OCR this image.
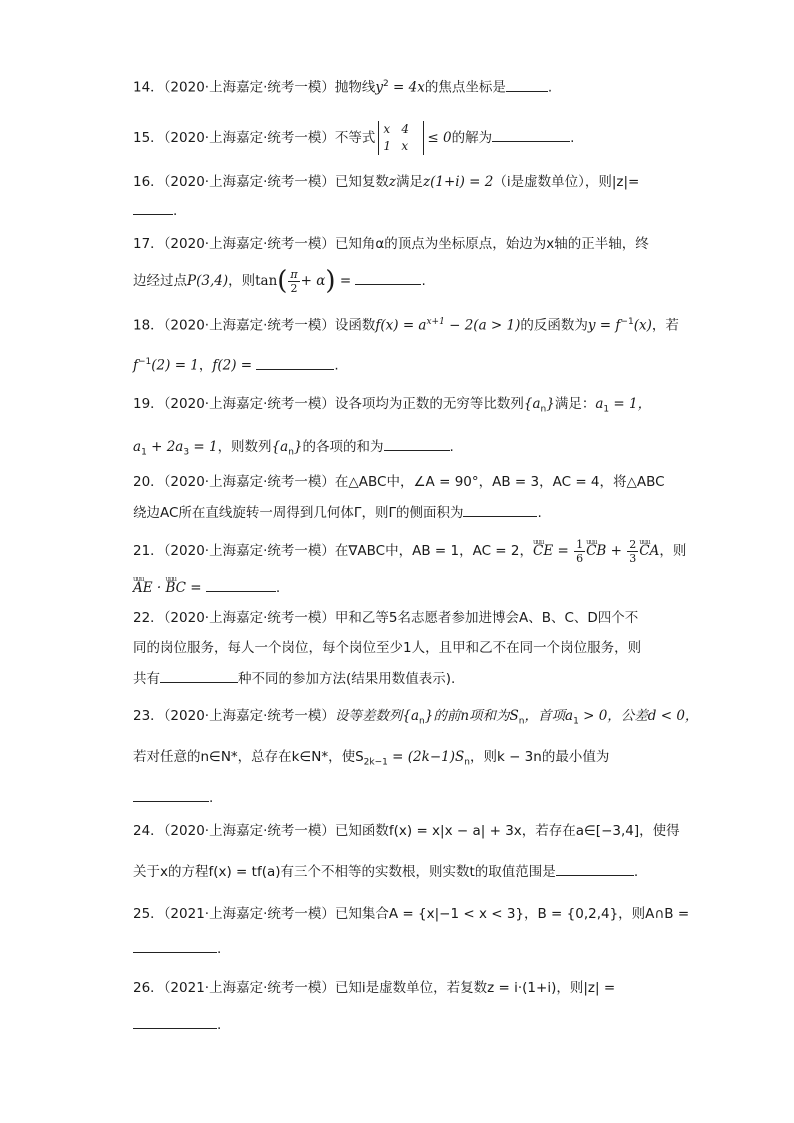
14．（2020·上海嘉定·统考一模）抛物线$y^2 = 4x$的焦点坐标是	.
15．（2020·上海嘉定·统考一模）不等式
x 4
1 x	≤ 0的解为	.
16．（2020·上海嘉定·统考一模）已知复数z满足z(1+i) = 2（i是虚数单位），则|z|=
.
17．（2020·上海嘉定·统考一模）已知角α的顶点为坐标原点，始边为x轴的正半轴，终
边经过点P(3,4)，则$\tan( \frac{\pi}{2} + \alpha)$ =	.
18．（2020·上海嘉定·统考一模）设函数$f(x) = a^{x+1} - 2(a > 1)$的反函数为$y = f^{-1}(x)$，若
$f^{-1}(2) = 1$，f(2) =	.
19．（2020·上海嘉定·统考一模）设各项均为正数的无穷等比数列$\{a_n\}$满足：$a_1 = 1$，
$a_1 + 2a_3 = 1$，则数列$\{a_n\}$的各项的和为	.
20．（2020·上海嘉定·统考一模）在△ABC中，∠A = 90°，AB = 3，AC = 4，将△ABC
绕边AC所在直线旋转一周得到几何体Γ，则Γ的侧面积为	.
21．（2020·上海嘉定·统考一模）在∇ABC中，AB = 1，AC = 2，uuu CE = $\frac{1}{6}$ uuu CB + $\frac{2}{3}$ uuu CA，则
uuu AE · uuu BC =	.
22．（2020·上海嘉定·统考一模）甲和乙等5名志愿者参加进博会A、B、C、D四个不
同的岗位服务，每人一个岗位，每个岗位至少1人，且甲和乙不在同一个岗位服务，则
共有	种不同的参加方法(结果用数值表示).
23．（2020·上海嘉定·统考一模）设等差数列$\{a_n\}$的前n项和为$S_n$，首项$a_1 > 0$，公差d < 0，
若对任意的n∈N*，总存在k∈N*，使$S_{2k-1} = (2k-1)S_n$，则k − 3n的最小值为
.
24．（2020·上海嘉定·统考一模）已知函数f(x) = x|x − a| + 3x，若存在a∈[−3,4]，使得
关于x的方程f(x) = tf(a)有三个不相等的实数根，则实数t的取值范围是	.
25．（2021·上海嘉定·统考一模）已知集合A = {x|−1 < x < 3}，B = {0,2,4}，则A∩B =
.
26．（2021·上海嘉定·统考一模）已知i是虚数单位，若复数z = i·(1+i)，则|z| =
.
